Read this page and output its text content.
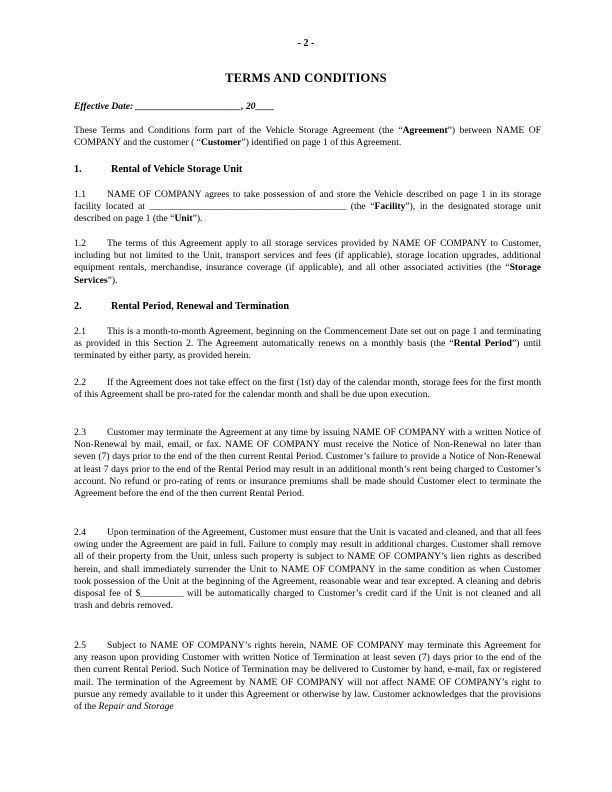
- 2 -
TERMS AND CONDITIONS
Effective Date: ______________________, 20____
These Terms and Conditions form part of the Vehicle Storage Agreement (the “Agreement”) between NAME OF COMPANY and the customer ( “Customer”) identified on page 1 of this Agreement.
1.	Rental of Vehicle Storage Unit
1.1 NAME OF COMPANY agrees to take possession of and store the Vehicle described on page 1 in its storage facility located at _________________________________________ (the “Facility”), in the designated storage unit described on page 1 (the “Unit”).
1.2 The terms of this Agreement apply to all storage services provided by NAME OF COMPANY to Customer, including but not limited to the Unit, transport services and fees (if applicable), storage location upgrades, additional equipment rentals, merchandise, insurance coverage (if applicable), and all other associated activities (the “Storage Services”).
2.	Rental Period, Renewal and Termination
2.1 This is a month-to-month Agreement, beginning on the Commencement Date set out on page 1 and terminating as provided in this Section 2. The Agreement automatically renews on a monthly basis (the “Rental Period”) until terminated by either party, as provided herein.
2.2 If the Agreement does not take effect on the first (1st) day of the calendar month, storage fees for the first month of this Agreement shall be pro-rated for the calendar month and shall be due upon execution.
2.3 Customer may terminate the Agreement at any time by issuing NAME OF COMPANY with a written Notice of Non-Renewal by mail, email, or fax. NAME OF COMPANY must receive the Notice of Non-Renewal no later than seven (7) days prior to the end of the then current Rental Period. Customer’s failure to provide a Notice of Non-Renewal at least 7 days prior to the end of the Rental Period may result in an additional month’s rent being charged to Customer’s account. No refund or pro-rating of rents or insurance premiums shall be made should Customer elect to terminate the Agreement before the end of the then current Rental Period.
2.4 Upon termination of the Agreement, Customer must ensure that the Unit is vacated and cleaned, and that all fees owing under the Agreement are paid in full. Failure to comply may result in additional charges. Customer shall remove all of their property from the Unit, unless such property is subject to NAME OF COMPANY’s lien rights as described herein, and shall immediately surrender the Unit to NAME OF COMPANY in the same condition as when Customer took possession of the Unit at the beginning of the Agreement, reasonable wear and tear excepted. A cleaning and debris disposal fee of $_________ will be automatically charged to Customer’s credit card if the Unit is not cleaned and all trash and debris removed.
2.5 Subject to NAME OF COMPANY’s rights herein, NAME OF COMPANY may terminate this Agreement for any reason upon providing Customer with written Notice of Termination at least seven (7) days prior to the end of the then current Rental Period. Such Notice of Termination may be delivered to Customer by hand, e-mail, fax or registered mail. The termination of the Agreement by NAME OF COMPANY will not affect NAME OF COMPANY’s right to pursue any remedy available to it under this Agreement or otherwise by law. Customer acknowledges that the provisions of the Repair and Storage
